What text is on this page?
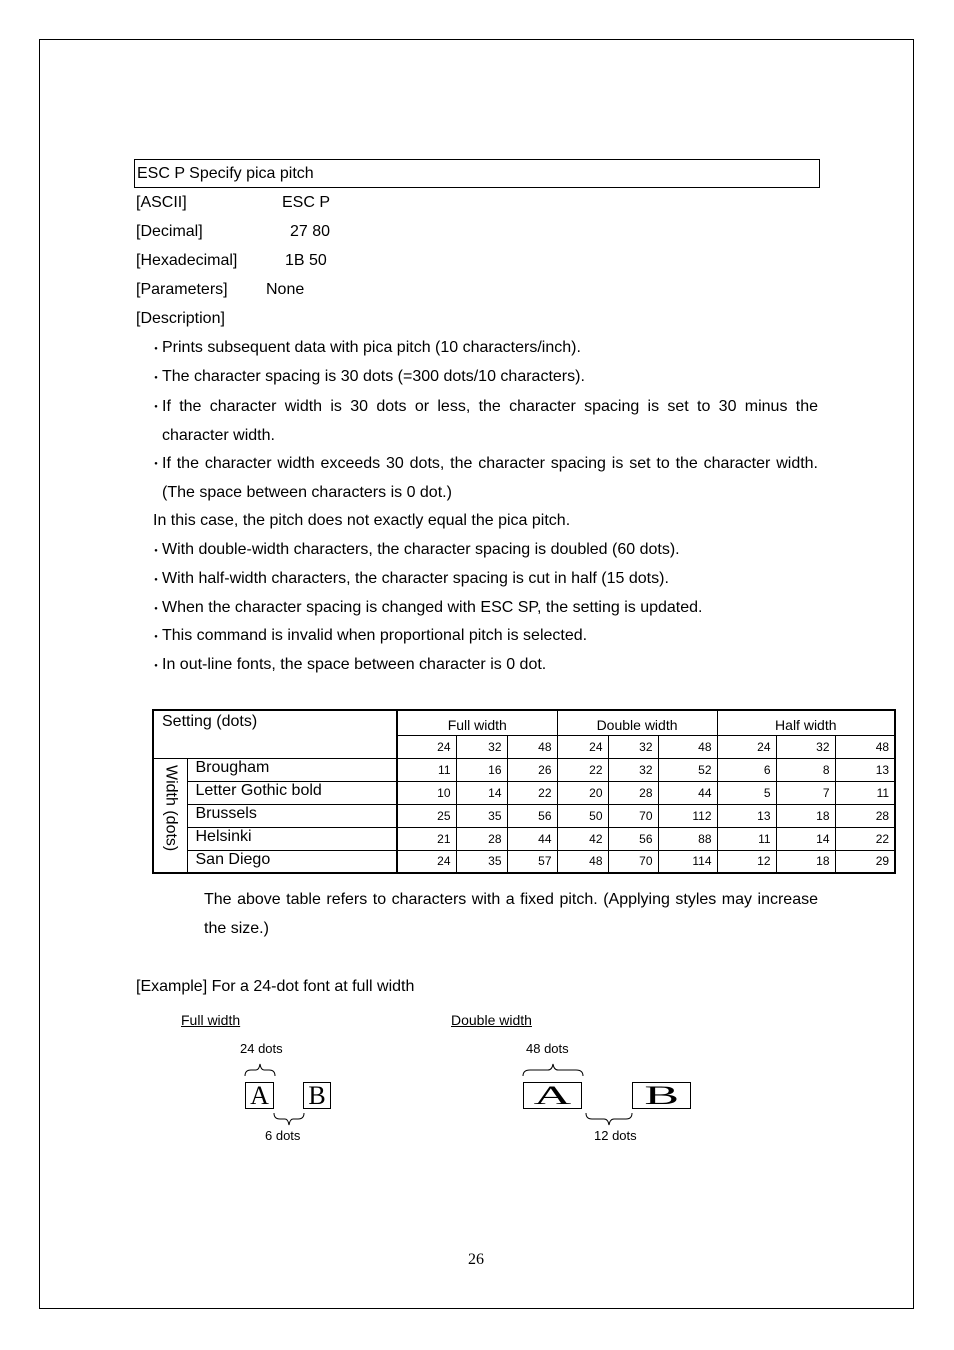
ESC P Specify pica pitch
[ASCII]	ESC P
[Decimal]	27 80
[Hexadecimal]	1B 50
[Parameters] None
[Description]
・ Prints subsequent data with pica pitch (10 characters/inch).
・ The character spacing is 30 dots (=300 dots/10 characters).
・ If the character width is 30 dots or less, the character spacing is set to 30 minus the character width.
・ If the character width exceeds 30 dots, the character spacing is set to the character width. (The space between characters is 0 dot.)
In this case, the pitch does not exactly equal the pica pitch.
・ With double-width characters, the character spacing is doubled (60 dots).
・ With half-width characters, the character spacing is cut in half (15 dots).
・ When the character spacing is changed with ESC SP, the setting is updated.
・ This command is invalid when proportional pitch is selected.
・ In out-line fonts, the space between character is 0 dot.
Setting (dots)		Full width			Double width			Half width		
		24	32	48	24	32	48	24	32	48
Width (dots)	Brougham	11	16	26	22	32	52	6	8	13
	Letter Gothic bold	10	14	22	20	28	44	5	7	11
	Brussels	25	35	56	50	70	112	13	18	28
	Helsinki	21	28	44	42	56	88	11	14	22
	San Diego	24	35	57	48	70	114	12	18	29
The above table refers to characters with a fixed pitch. (Applying styles may increase the size.)
[Example] For a 24-dot font at full width
Full width
24 dots
A B
6 dots
Double width
48 dots
A	B
12 dots
26
